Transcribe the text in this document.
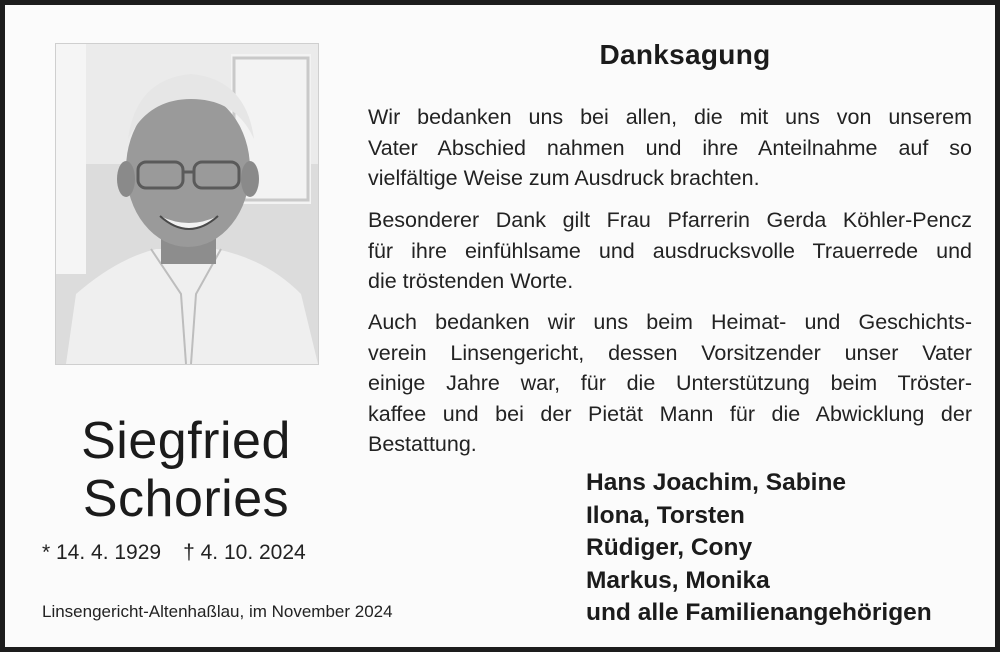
Siegfried
Schories
* 14. 4. 1929 † 4. 10. 2024
Linsengericht-Altenhaßlau, im November 2024
Danksagung
Wir bedanken uns bei allen, die mit uns von unserem
Vater Abschied nahmen und ihre Anteilnahme auf so
vielfältige Weise zum Ausdruck brachten.
Besonderer Dank gilt Frau Pfarrerin Gerda Köhler-Pencz
für ihre einfühlsame und ausdrucksvolle Trauerrede und
die tröstenden Worte.
Auch bedanken wir uns beim Heimat- und Geschichts-
verein Linsengericht, dessen Vorsitzender unser Vater
einige Jahre war, für die Unterstützung beim Tröster-
kaffee und bei der Pietät Mann für die Abwicklung der
Bestattung.
Hans Joachim, Sabine
Ilona, Torsten
Rüdiger, Cony
Markus, Monika
und alle Familienangehörigen
